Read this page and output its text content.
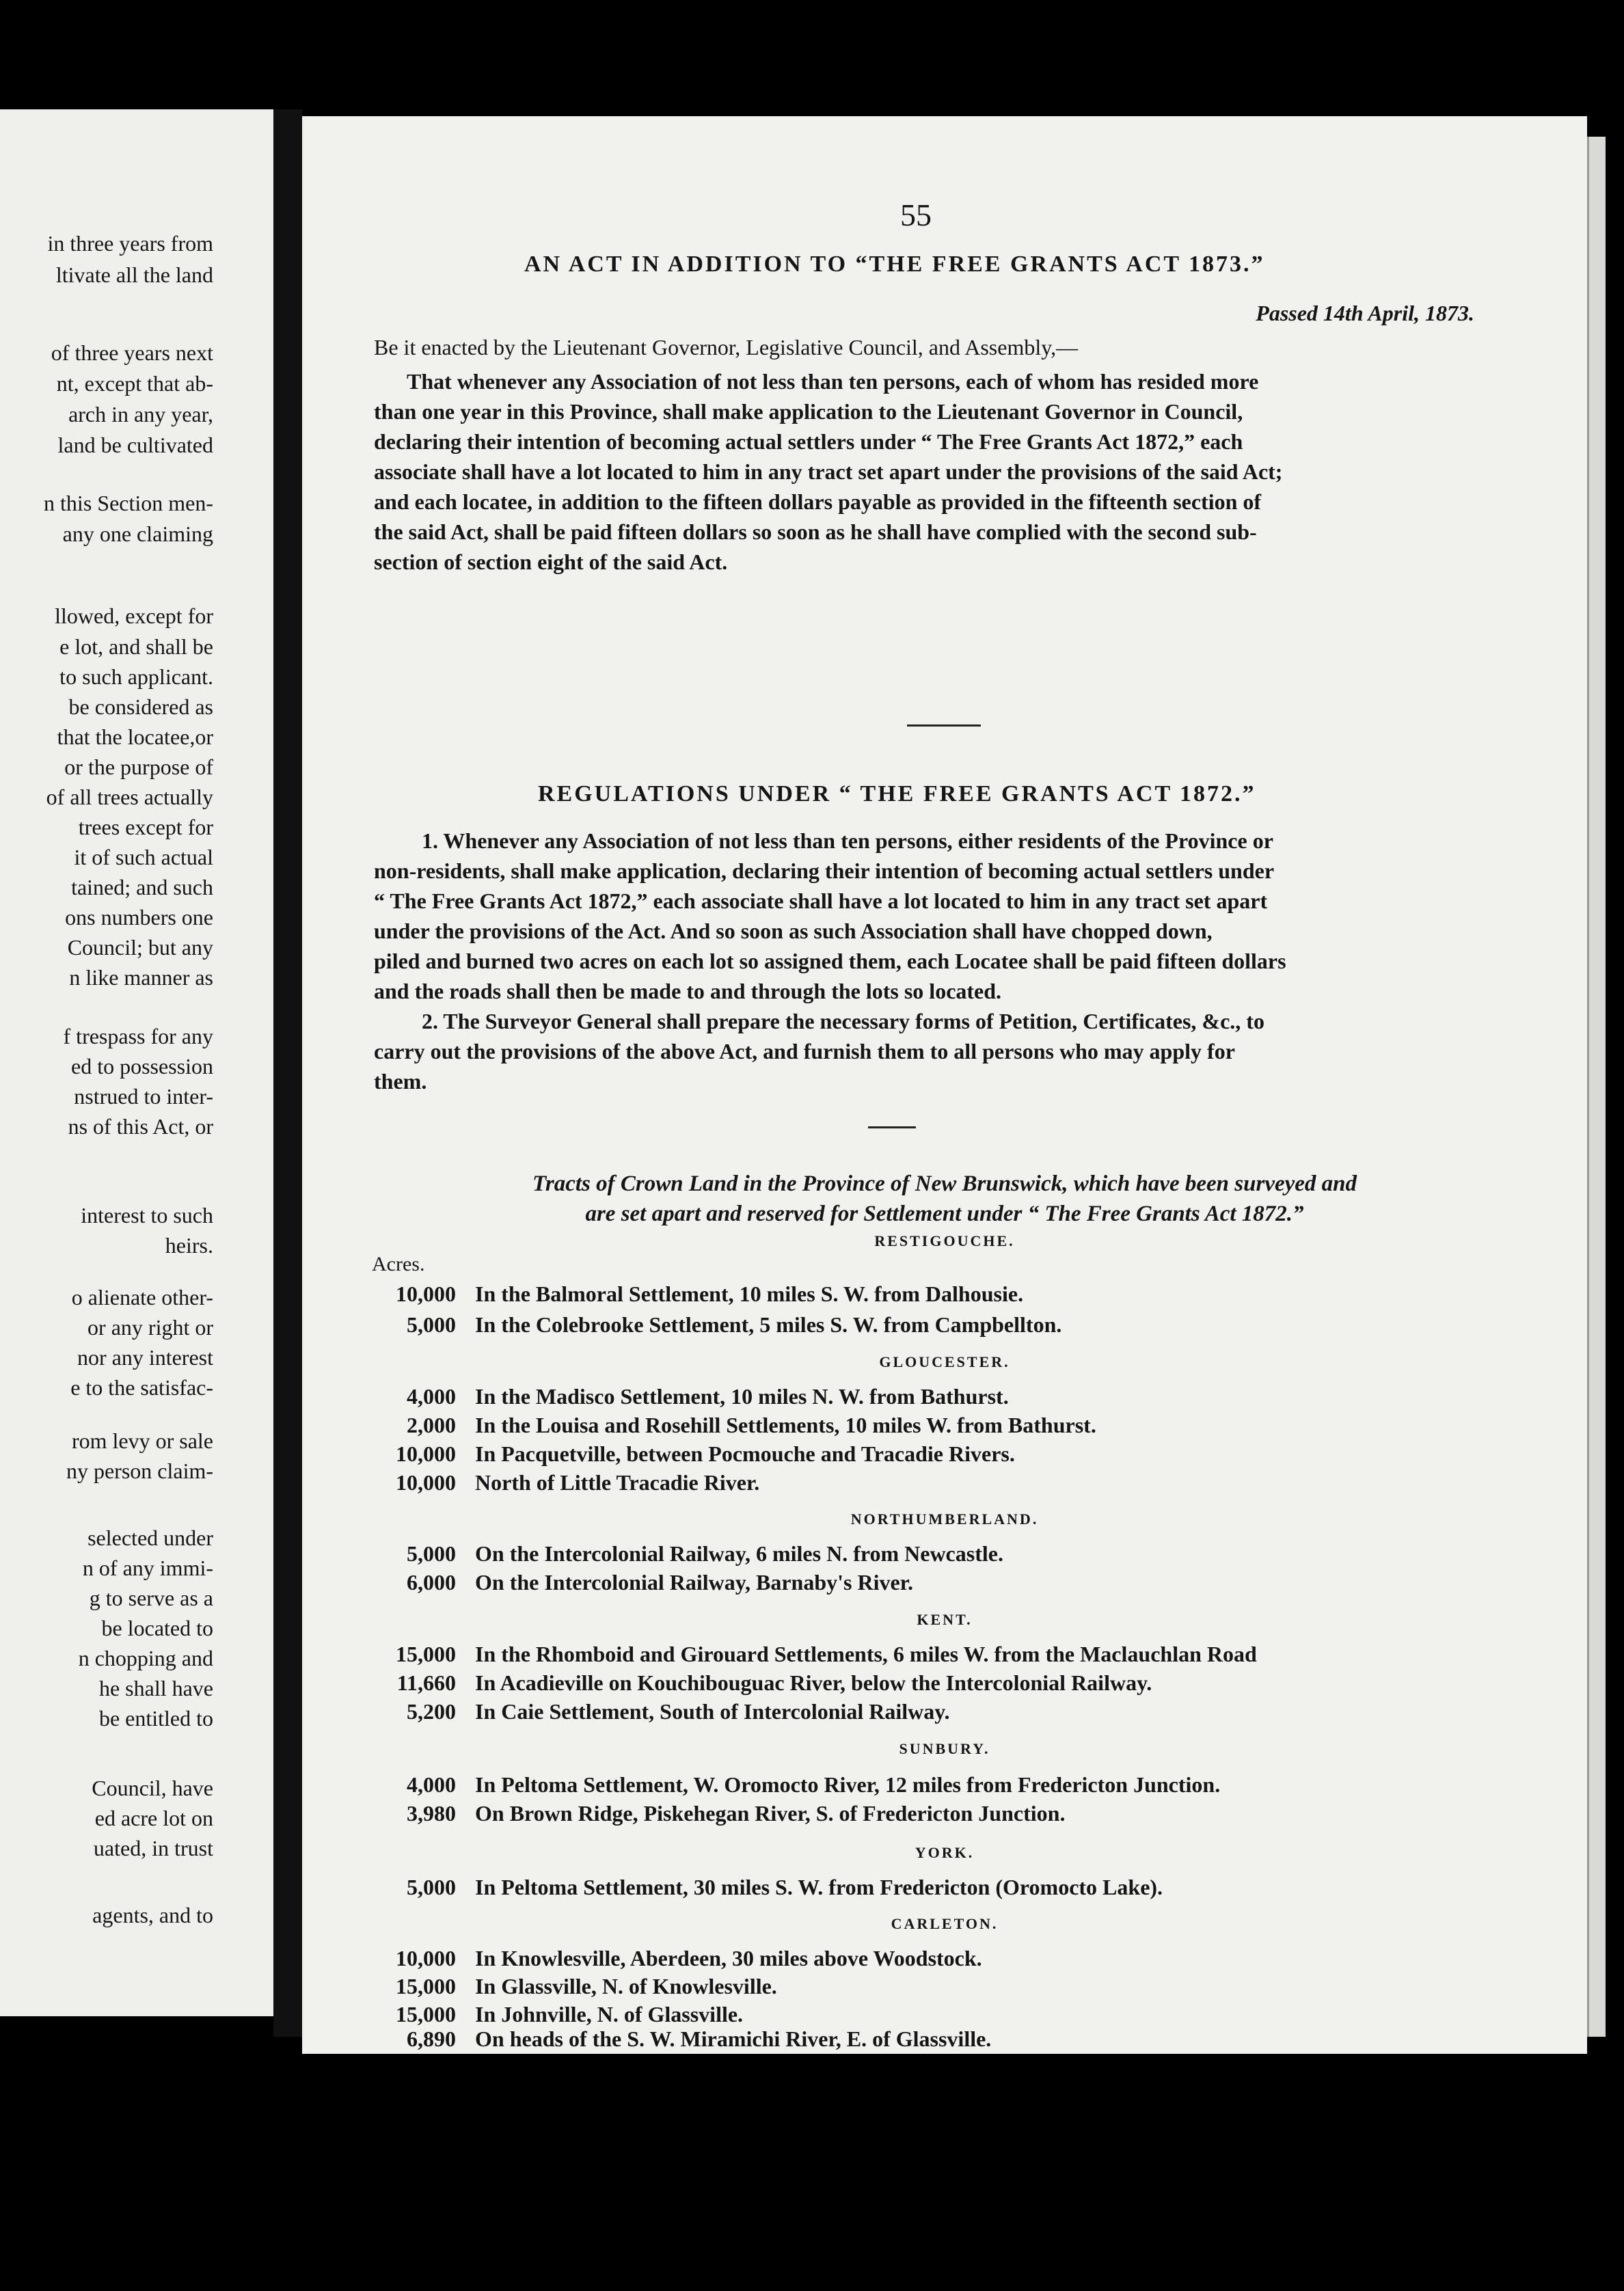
in three years from
ltivate all the land
of three years next
nt, except that ab-
arch in any year,
land be cultivated
n this Section men-
any one claiming
llowed, except for
e lot, and shall be
to such applicant.
be considered as
that the locatee,or
or the purpose of
of all trees actually
trees except for
it of such actual
tained; and such
ons numbers one
Council; but any
n like manner as
f trespass for any
ed to possession
nstrued to inter-
ns of this Act, or
interest to such
heirs.
o alienate other-
or any right or
nor any interest
e to the satisfac-
rom levy or sale
ny person claim-
selected under
n of any immi-
g to serve as a
be located to
n chopping and
he shall have
be entitled to
Council, have
ed acre lot on
uated, in trust
agents, and to
55
AN ACT IN ADDITION TO “THE FREE GRANTS ACT 1873.”
Passed 14th April, 1873.
Be it enacted by the Lieutenant Governor, Legislative Council, and Assembly,—
That whenever any Association of not less than ten persons, each of whom has resided more
than one year in this Province, shall make application to the Lieutenant Governor in Council,
declaring their intention of becoming actual settlers under “ The Free Grants Act 1872,” each
associate shall have a lot located to him in any tract set apart under the provisions of the said Act;
and each locatee, in addition to the fifteen dollars payable as provided in the fifteenth section of
the said Act, shall be paid fifteen dollars so soon as he shall have complied with the second sub-
section of section eight of the said Act.
REGULATIONS UNDER “ THE FREE GRANTS ACT 1872.”
1. Whenever any Association of not less than ten persons, either residents of the Province or
non-residents, shall make application, declaring their intention of becoming actual settlers under
“ The Free Grants Act 1872,” each associate shall have a lot located to him in any tract set apart
under the provisions of the Act. And so soon as such Association shall have chopped down,
piled and burned two acres on each lot so assigned them, each Locatee shall be paid fifteen dollars
and the roads shall then be made to and through the lots so located.
2. The Surveyor General shall prepare the necessary forms of Petition, Certificates, &c., to
carry out the provisions of the above Act, and furnish them to all persons who may apply for
them.
Tracts of Crown Land in the Province of New Brunswick, which have been surveyed and
are set apart and reserved for Settlement under “ The Free Grants Act 1872.”
RESTIGOUCHE.
Acres.
10,000 In the Balmoral Settlement, 10 miles S. W. from Dalhousie.
5,000 In the Colebrooke Settlement, 5 miles S. W. from Campbellton.
GLOUCESTER.
4,000 In the Madisco Settlement, 10 miles N. W. from Bathurst.
2,000 In the Louisa and Rosehill Settlements, 10 miles W. from Bathurst.
10,000 In Pacquetville, between Pocmouche and Tracadie Rivers.
10,000 North of Little Tracadie River.
NORTHUMBERLAND.
5,000 On the Intercolonial Railway, 6 miles N. from Newcastle.
6,000 On the Intercolonial Railway, Barnaby's River.
KENT.
15,000 In the Rhomboid and Girouard Settlements, 6 miles W. from the Maclauchlan Road
11,660 In Acadieville on Kouchibouguac River, below the Intercolonial Railway.
5,200 In Caie Settlement, South of Intercolonial Railway.
SUNBURY.
4,000 In Peltoma Settlement, W. Oromocto River, 12 miles from Fredericton Junction.
3,980 On Brown Ridge, Piskehegan River, S. of Fredericton Junction.
YORK.
5,000 In Peltoma Settlement, 30 miles S. W. from Fredericton (Oromocto Lake).
CARLETON.
10,000 In Knowlesville, Aberdeen, 30 miles above Woodstock.
15,000 In Glassville, N. of Knowlesville.
15,000 In Johnville, N. of Glassville.
6,890 On heads of the S. W. Miramichi River, E. of Glassville.
